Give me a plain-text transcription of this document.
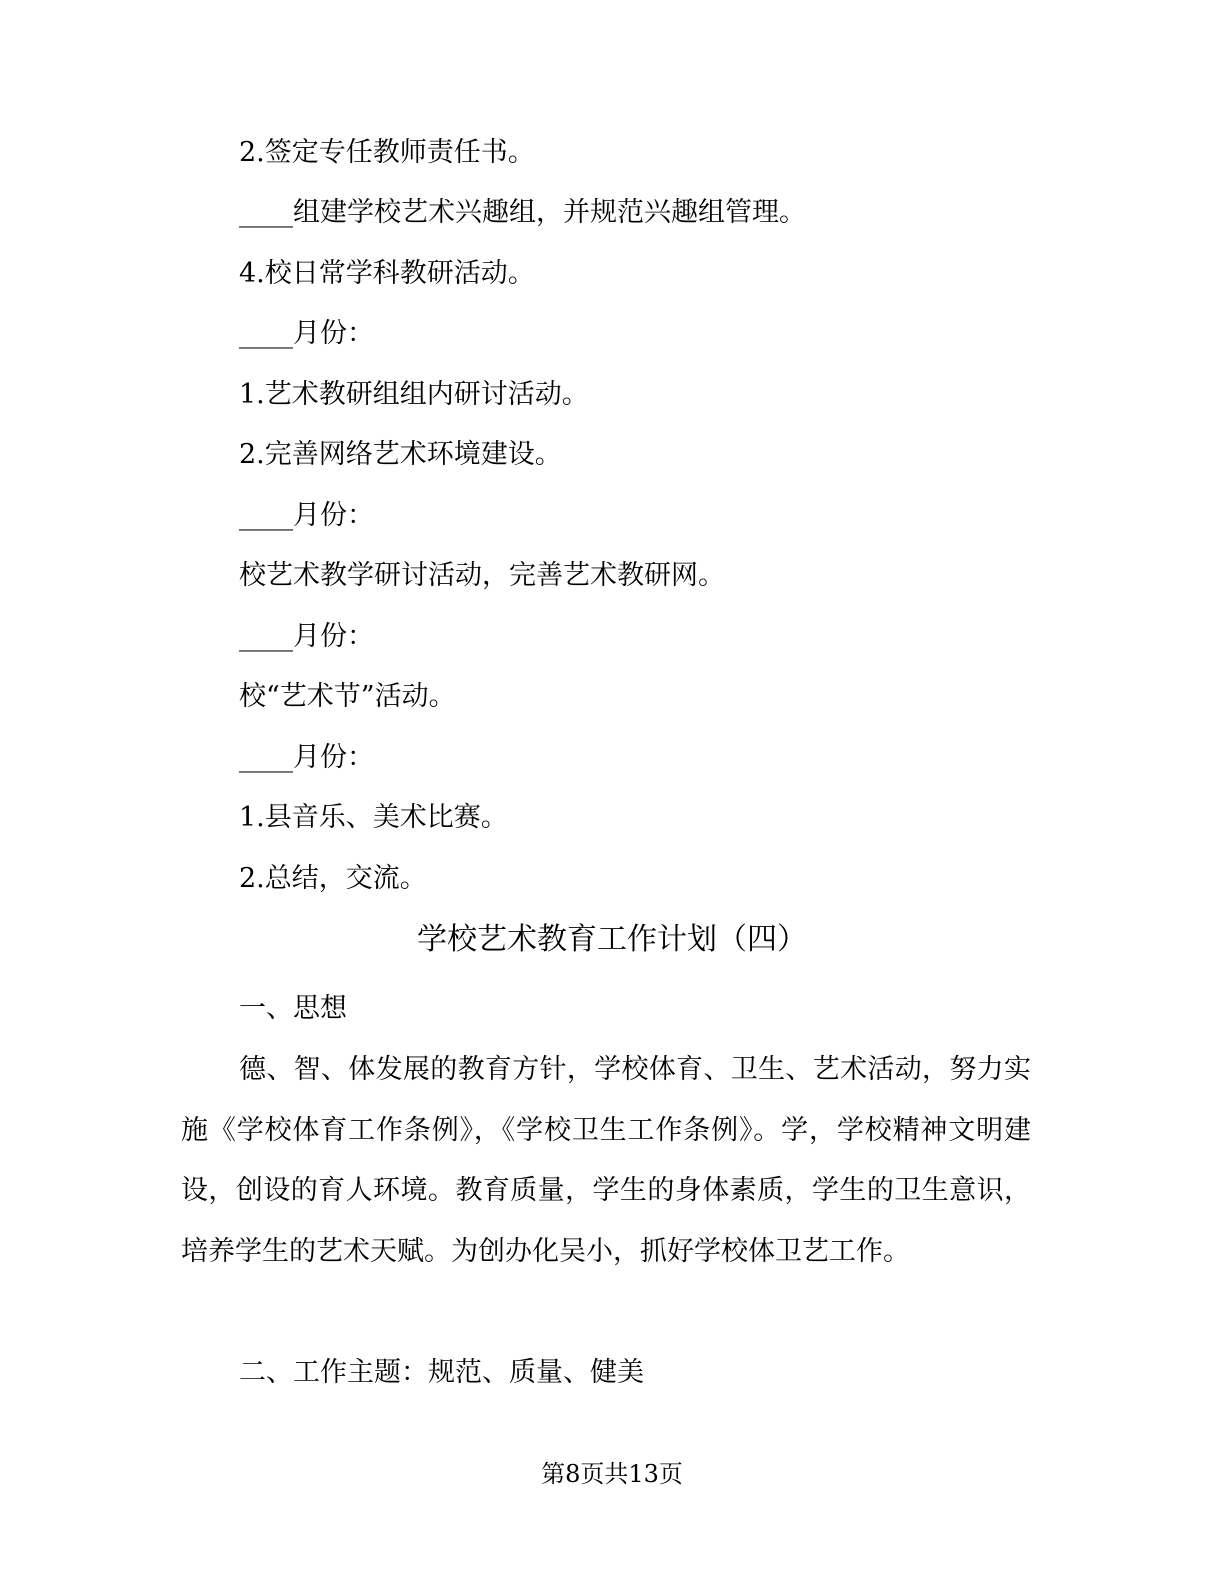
2.签定专任教师责任书。
____组建学校艺术兴趣组，并规范兴趣组管理。
4.校日常学科教研活动。
____月份：
1.艺术教研组组内研讨活动。
2.完善网络艺术环境建设。
____月份：
校艺术教学研讨活动，完善艺术教研网。
____月份：
校“艺术节”活动。
____月份：
1.县音乐、美术比赛。
2.总结，交流。
学校艺术教育工作计划（四）
一、思想

德、智、体发展的教育方针，学校体育、卫生、艺术活动，努力实施《学校体育工作条例》，《学校卫生工作条例》。学，学校精神文明建设，创设的育人环境。教育质量，学生的身体素质，学生的卫生意识，培养学生的艺术天赋。为创办化吴小，抓好学校体卫艺工作。

二、工作主题：规范、质量、健美
第8页共13页
